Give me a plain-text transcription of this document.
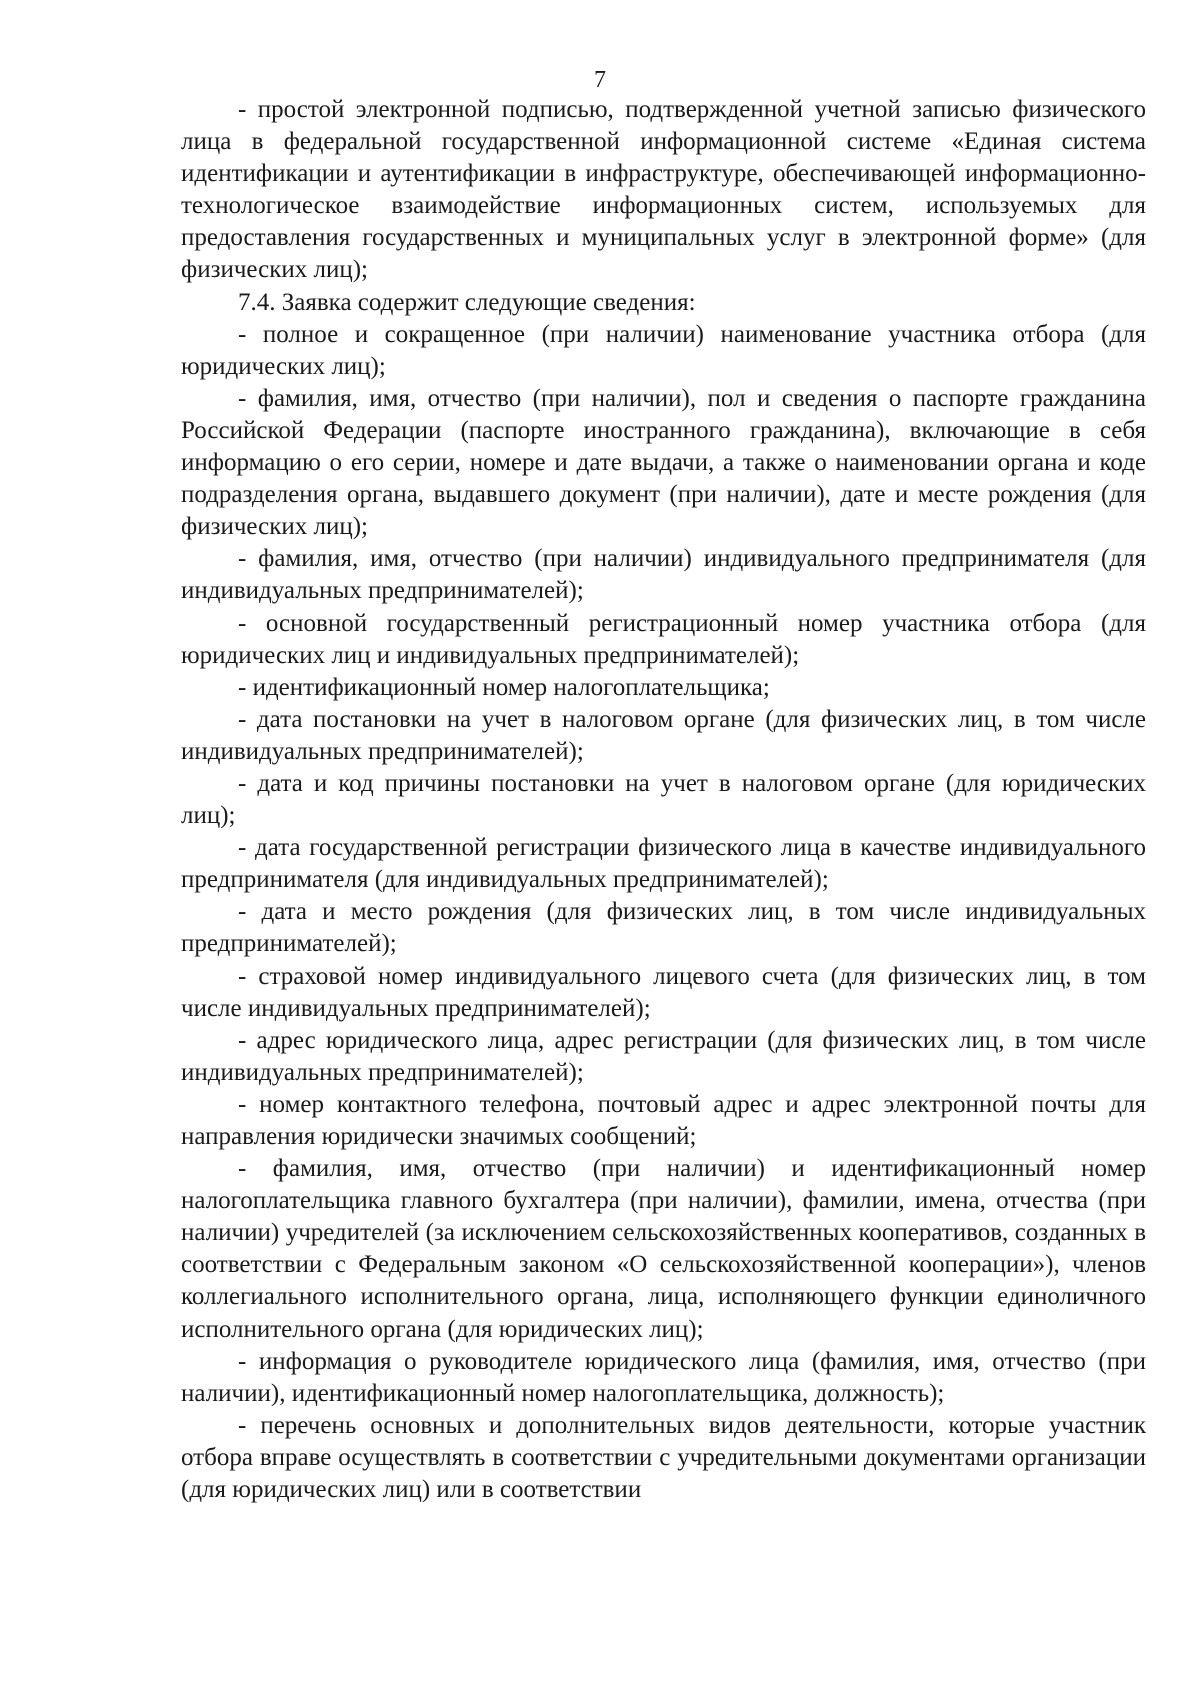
7

- простой электронной подписью, подтвержденной учетной записью физического лица в федеральной государственной информационной системе «Единая система идентификации и аутентификации в инфраструктуре, обеспечивающей информационно-технологическое взаимодействие информационных систем, используемых для предоставления государственных и муниципальных услуг в электронной форме» (для физических лиц);

7.4. Заявка содержит следующие сведения:

- полное и сокращенное (при наличии) наименование участника отбора (для юридических лиц);

- фамилия, имя, отчество (при наличии), пол и сведения о паспорте гражданина Российской Федерации (паспорте иностранного гражданина), включающие в себя информацию о его серии, номере и дате выдачи, а также о наименовании органа и коде подразделения органа, выдавшего документ (при наличии), дате и месте рождения (для физических лиц);

- фамилия, имя, отчество (при наличии) индивидуального предпринимателя (для индивидуальных предпринимателей);

- основной государственный регистрационный номер участника отбора (для юридических лиц и индивидуальных предпринимателей);

- идентификационный номер налогоплательщика;

- дата постановки на учет в налоговом органе (для физических лиц, в том числе индивидуальных предпринимателей);

- дата и код причины постановки на учет в налоговом органе (для юридических лиц);

- дата государственной регистрации физического лица в качестве индивидуального предпринимателя (для индивидуальных предпринимателей);

- дата и место рождения (для физических лиц, в том числе индивидуальных предпринимателей);

- страховой номер индивидуального лицевого счета (для физических лиц, в том числе индивидуальных предпринимателей);

- адрес юридического лица, адрес регистрации (для физических лиц, в том числе индивидуальных предпринимателей);

- номер контактного телефона, почтовый адрес и адрес электронной почты для направления юридически значимых сообщений;

- фамилия, имя, отчество (при наличии) и идентификационный номер налогоплательщика главного бухгалтера (при наличии), фамилии, имена, отчества (при наличии) учредителей (за исключением сельскохозяйственных кооперативов, созданных в соответствии с Федеральным законом «О сельскохозяйственной кооперации»), членов коллегиального исполнительного органа, лица, исполняющего функции единоличного исполнительного органа (для юридических лиц);

- информация о руководителе юридического лица (фамилия, имя, отчество (при наличии), идентификационный номер налогоплательщика, должность);

- перечень основных и дополнительных видов деятельности, которые участник отбора вправе осуществлять в соответствии с учредительными документами организации (для юридических лиц) или в соответствии
